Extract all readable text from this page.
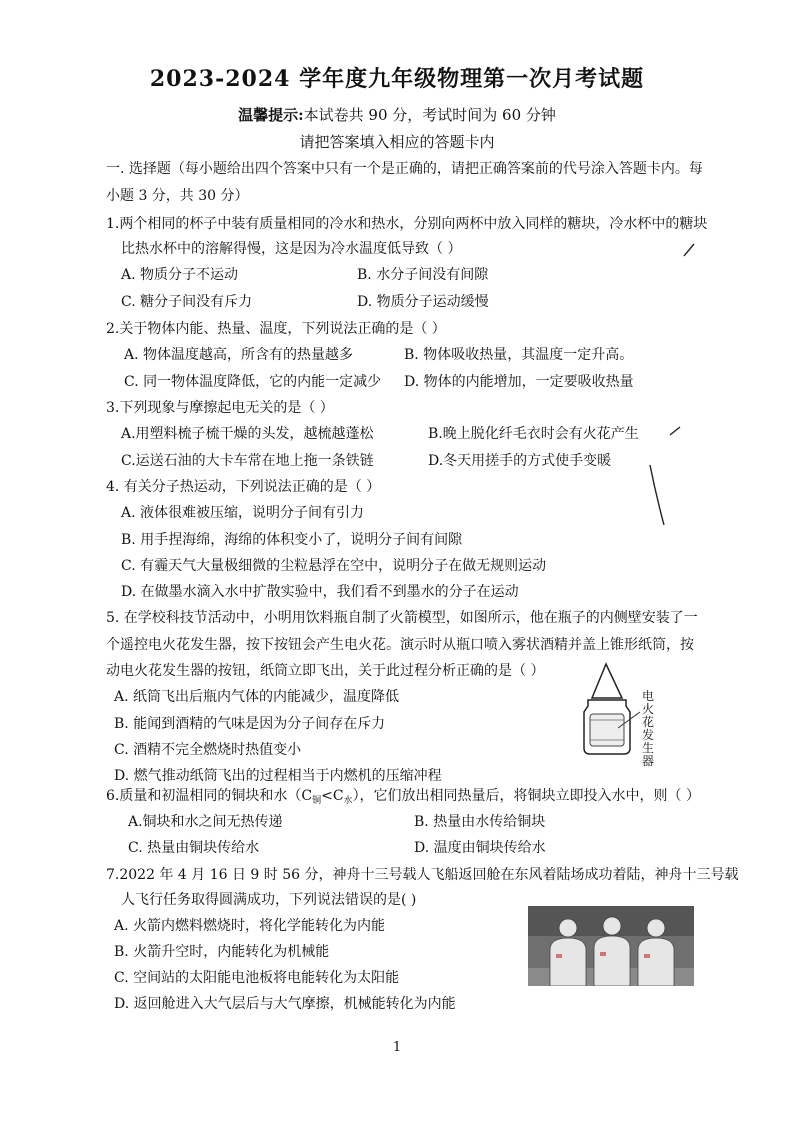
2023-2024 学年度九年级物理第一次月考试题
温馨提示:本试卷共 90 分，考试时间为 60 分钟
请把答案填入相应的答题卡内
一. 选择题（每小题给出四个答案中只有一个是正确的，请把正确答案前的代号涂入答题卡内。每
小题 3 分，共 30 分）
1.两个相同的杯子中装有质量相同的冷水和热水，分别向两杯中放入同样的糖块，冷水杯中的糖块
比热水杯中的溶解得慢，这是因为冷水温度低导致（ ）
A. 物质分子不运动	B. 水分子间没有间隙
C. 糖分子间没有斥力	D. 物质分子运动缓慢
2.关于物体内能、热量、温度，下列说法正确的是（ ）
A. 物体温度越高，所含有的热量越多	B. 物体吸收热量，其温度一定升高。
C. 同一物体温度降低，它的内能一定减少 D. 物体的内能增加，一定要吸收热量
3.下列现象与摩擦起电无关的是（ ）
A.用塑料梳子梳干燥的头发，越梳越蓬松	B.晚上脱化纤毛衣时会有火花产生
C.运送石油的大卡车常在地上拖一条铁链	D.冬天用搓手的方式使手变暖
4. 有关分子热运动，下列说法正确的是（ ）
A. 液体很难被压缩，说明分子间有引力
B. 用手捏海绵，海绵的体积变小了，说明分子间有间隙
C. 有霾天气大量极细微的尘粒悬浮在空中，说明分子在做无规则运动
D. 在做墨水滴入水中扩散实验中，我们看不到墨水的分子在运动
5. 在学校科技节活动中，小明用饮料瓶自制了火箭模型，如图所示，他在瓶子的内侧壁安装了一
个遥控电火花发生器，按下按钮会产生电火花。演示时从瓶口喷入雾状酒精并盖上锥形纸筒，按
动电火花发生器的按钮，纸筒立即飞出，关于此过程分析正确的是（ ）
A. 纸筒飞出后瓶内气体的内能减少，温度降低
B. 能闻到酒精的气味是因为分子间存在斥力
C. 酒精不完全燃烧时热值变小
D. 燃气推动纸筒飞出的过程相当于内燃机的压缩冲程
电火花发生器
6.质量和初温相同的铜块和水$(C_铜<C_水)$，它们放出相同热量后，将铜块立即投入水中，则（ ）
A.铜块和水之间无热传递	B. 热量由水传给铜块
C. 热量由铜块传给水	D. 温度由铜块传给水
7.2022 年 4 月 16 日 9 时 56 分，神舟十三号载人飞船返回舱在东风着陆场成功着陆，神舟十三号载
人飞行任务取得圆满成功，下列说法错误的是( )
A. 火箭内燃料燃烧时，将化学能转化为内能
B. 火箭升空时，内能转化为机械能
C. 空间站的太阳能电池板将电能转化为太阳能
D. 返回舱进入大气层后与大气摩擦，机械能转化为内能
1
